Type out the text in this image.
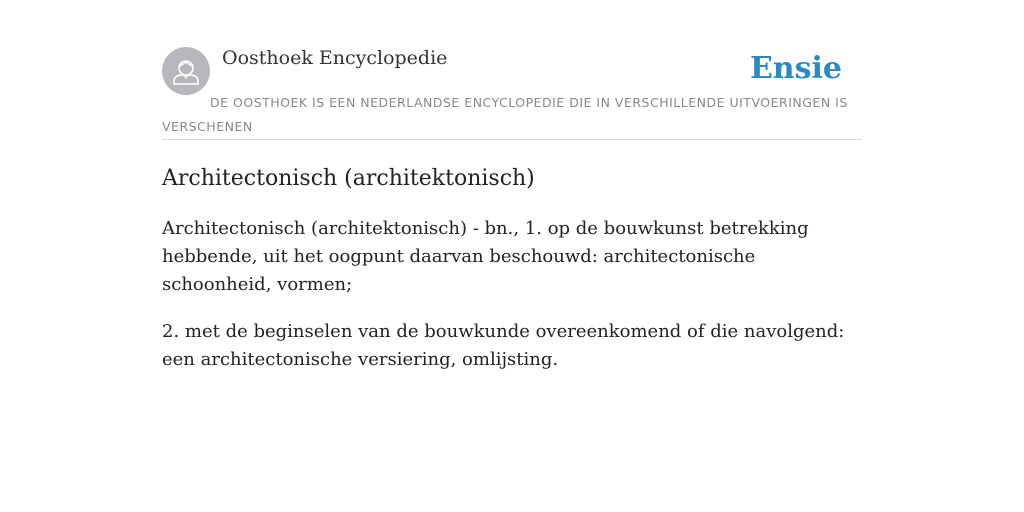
Oosthoek Encyclopedie	Ensie
DE OOSTHOEK IS EEN NEDERLANDSE ENCYCLOPEDIE DIE IN VERSCHILLENDE UITVOERINGEN IS VERSCHENEN
Architectonisch (architektonisch)

Architectonisch (architektonisch) - bn., 1. op de bouwkunst betrekking hebbende, uit het oogpunt daarvan beschouwd: architectonische schoonheid, vormen;

2. met de beginselen van de bouwkunde overeenkomend of die navolgend: een architectonische versiering, omlijsting.
